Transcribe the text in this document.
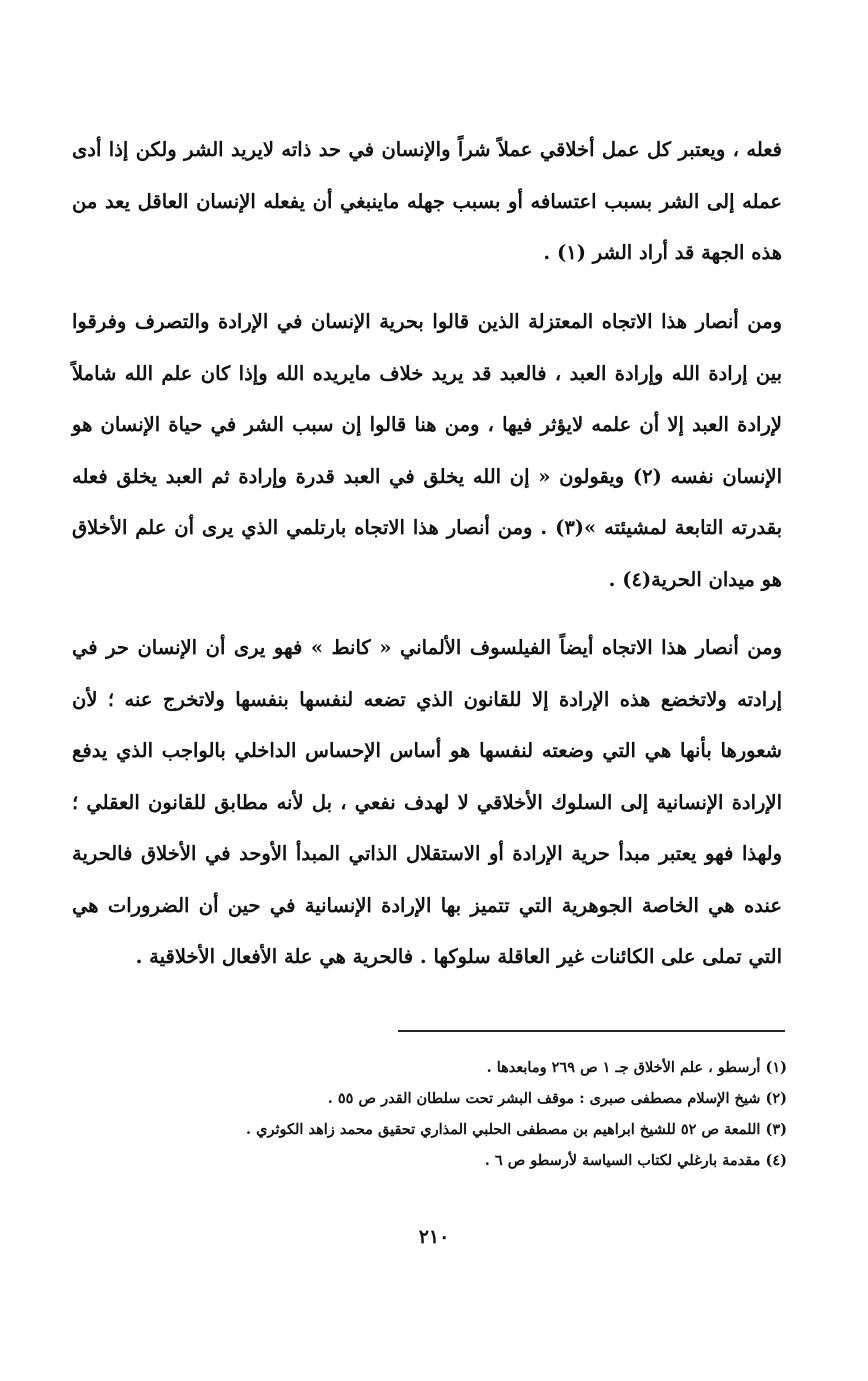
فعله ، ويعتبر كل عمل أخلاقي عملاً شراً والإنسان في حد ذاته لايريد الشر ولكن إذا أدى عمله إلى الشر بسبب اعتسافه أو بسبب جهله ماينبغي أن يفعله الإنسان العاقل يعد من هذه الجهة قد أراد الشر (١) .

ومن أنصار هذا الاتجاه المعتزلة الذين قالوا بحرية الإنسان في الإرادة والتصرف وفرقوا بين إرادة الله وإرادة العبد ، فالعبد قد يريد خلاف مايريده الله وإذا كان علم الله شاملاً لإرادة العبد إلا أن علمه لايؤثر فيها ، ومن هنا قالوا إن سبب الشر في حياة الإنسان هو الإنسان نفسه (٢) ويقولون « إن الله يخلق في العبد قدرة وإرادة ثم العبد يخلق فعله بقدرته التابعة لمشيئته »(٣) . ومن أنصار هذا الاتجاه بارتلمي الذي يرى أن علم الأخلاق هو ميدان الحرية(٤) .

ومن أنصار هذا الاتجاه أيضاً الفيلسوف الألماني « كانط » فهو يرى أن الإنسان حر في إرادته ولاتخضع هذه الإرادة إلا للقانون الذي تضعه لنفسها بنفسها ولاتخرج عنه ؛ لأن شعورها بأنها هي التي وضعته لنفسها هو أساس الإحساس الداخلي بالواجب الذي يدفع الإرادة الإنسانية إلى السلوك الأخلاقي لا لهدف نفعي ، بل لأنه مطابق للقانون العقلي ؛ ولهذا فهو يعتبر مبدأ حرية الإرادة أو الاستقلال الذاتي المبدأ الأوحد في الأخلاق فالحرية عنده هي الخاصة الجوهرية التي تتميز بها الإرادة الإنسانية في حين أن الضرورات هي التي تملى على الكائنات غير العاقلة سلوكها . فالحرية هي علة الأفعال الأخلاقية .

(١) أرسطو ، علم الأخلاق جـ ١ ص ٢٦٩ ومابعدها .

(٢) شيخ الإسلام مصطفى صبرى : موقف البشر تحت سلطان القدر ص ٥٥ .

(٣) اللمعة ص ٥٢ للشيخ ابراهيم بن مصطفى الحلبي المذاري تحقيق محمد زاهد الكوثري .

(٤) مقدمة بارغلي لكتاب السياسة لأرسطو ص ٦ .

٢١٠
